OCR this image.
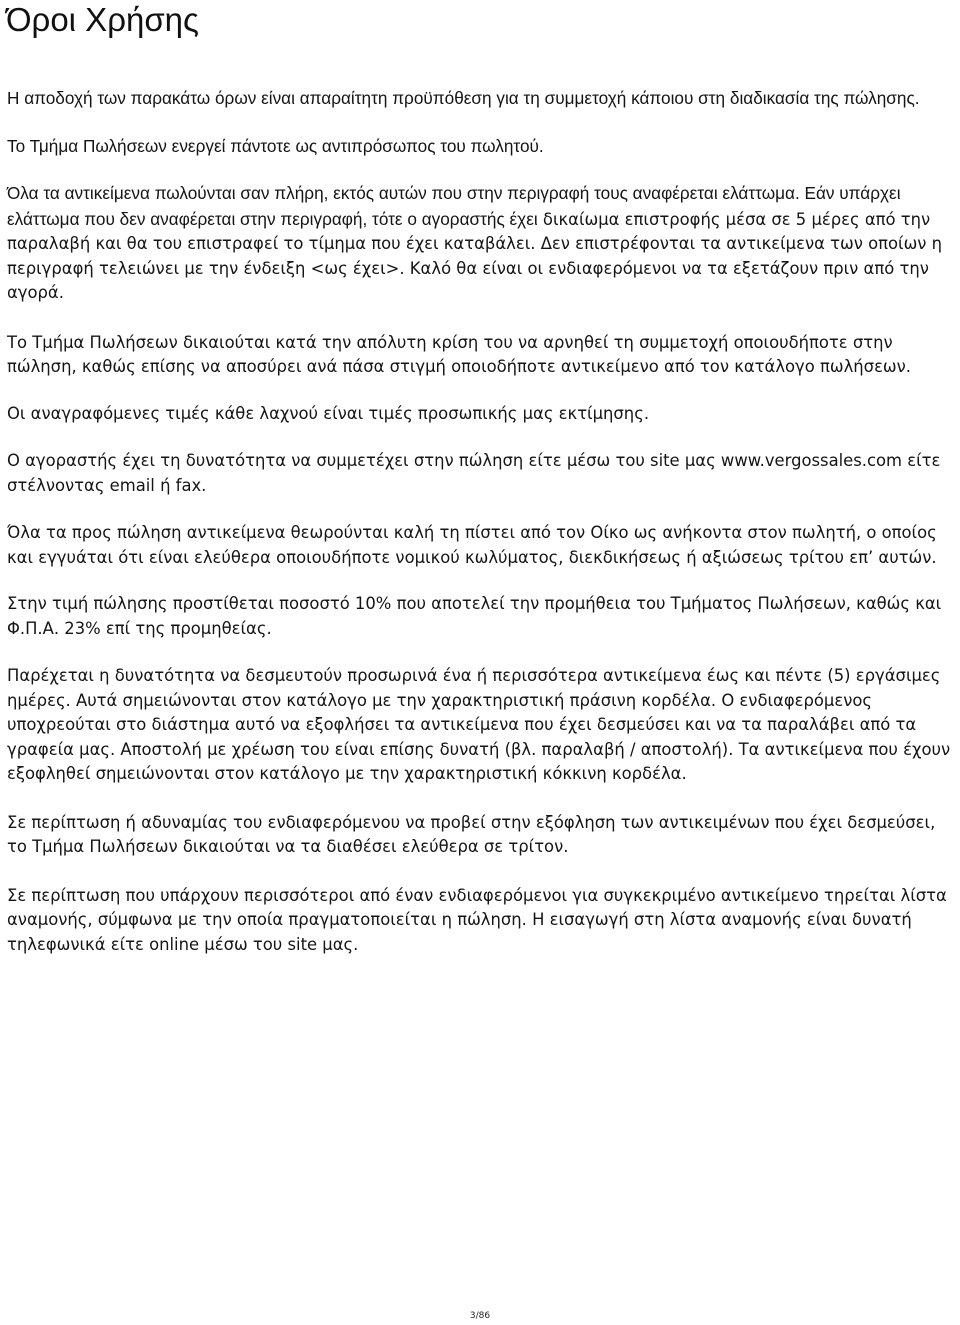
Όροι Χρήσης

Η αποδοχή των παρακάτω όρων είναι απαραίτητη προϋπόθεση για τη συμμετοχή κάποιου στη διαδικασία της πώλησης.

Το Τμήμα Πωλήσεων ενεργεί πάντοτε ως αντιπρόσωπος του πωλητού.

Όλα τα αντικείμενα πωλούνται σαν πλήρη, εκτός αυτών που στην περιγραφή τους αναφέρεται ελάττωμα. Εάν υπάρχει ελάττωμα που δεν αναφέρεται στην περιγραφή, τότε ο αγοραστής έχει δικαίωμα επιστροφής μέσα σε 5 μέρες από την παραλαβή και θα του επιστραφεί το τίμημα που έχει καταβάλει. Δεν επιστρέφονται τα αντικείμενα των οποίων η περιγραφή τελειώνει με την ένδειξη <ως έχει>. Καλό θα είναι οι ενδιαφερόμενοι να τα εξετάζουν πριν από την αγορά.

Το Τμήμα Πωλήσεων δικαιούται κατά την απόλυτη κρίση του να αρνηθεί τη συμμετοχή οποιουδήποτε στην πώληση, καθώς επίσης να αποσύρει ανά πάσα στιγμή οποιοδήποτε αντικείμενο από τον κατάλογο πωλήσεων.

Οι αναγραφόμενες τιμές κάθε λαχνού είναι τιμές προσωπικής μας εκτίμησης.

Ο αγοραστής έχει τη δυνατότητα να συμμετέχει στην πώληση είτε μέσω του site μας www.vergossales.com είτε στέλνοντας email ή fax.

Όλα τα προς πώληση αντικείμενα θεωρούνται καλή τη πίστει από τον Οίκο ως ανήκοντα στον πωλητή, ο οποίος και εγγυάται ότι είναι ελεύθερα οποιουδήποτε νομικού κωλύματος, διεκδικήσεως ή αξιώσεως τρίτου επ’ αυτών.

Στην τιμή πώλησης προστίθεται ποσοστό 10% που αποτελεί την προμήθεια του Τμήματος Πωλήσεων, καθώς και Φ.Π.Α. 23% επί της προμηθείας.

Παρέχεται η δυνατότητα να δεσμευτούν προσωρινά ένα ή περισσότερα αντικείμενα έως και πέντε (5) εργάσιμες ημέρες. Αυτά σημειώνονται στον κατάλογο με την χαρακτηριστική πράσινη κορδέλα. Ο ενδιαφερόμενος υποχρεούται στο διάστημα αυτό να εξοφλήσει τα αντικείμενα που έχει δεσμεύσει και να τα παραλάβει από τα γραφεία μας. Αποστολή με χρέωση του είναι επίσης δυνατή (βλ. παραλαβή / αποστολή). Τα αντικείμενα που έχουν εξοφληθεί σημειώνονται στον κατάλογο με την χαρακτηριστική κόκκινη κορδέλα.

Σε περίπτωση ή αδυναμίας του ενδιαφερόμενου να προβεί στην εξόφληση των αντικειμένων που έχει δεσμεύσει, το Τμήμα Πωλήσεων δικαιούται να τα διαθέσει ελεύθερα σε τρίτον.

Σε περίπτωση που υπάρχουν περισσότεροι από έναν ενδιαφερόμενοι για συγκεκριμένο αντικείμενο τηρείται λίστα αναμονής, σύμφωνα με την οποία πραγματοποιείται η πώληση. Η εισαγωγή στη λίστα αναμονής είναι δυνατή τηλεφωνικά είτε online μέσω του site μας.

3/86
